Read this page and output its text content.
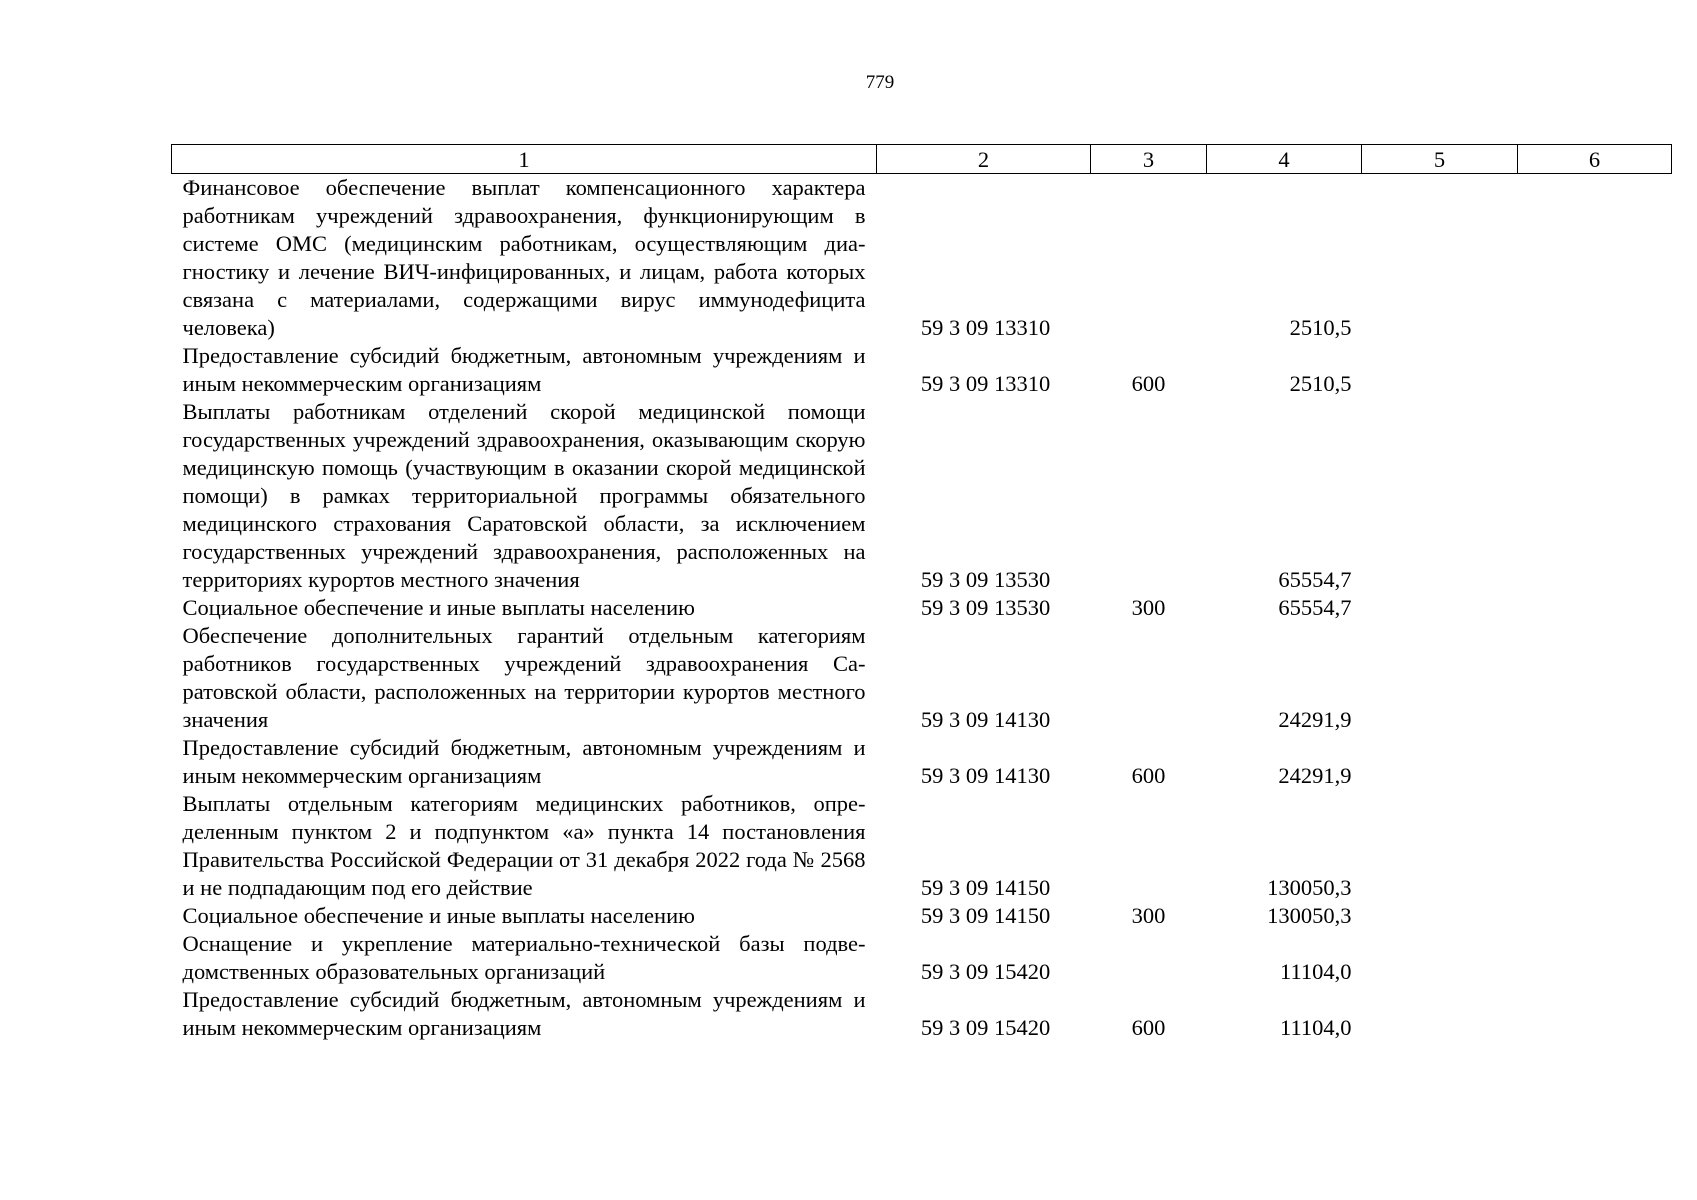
779
1	2	3	4	5	6
Финансовое обеспечение выплат компенсационного характера работникам учреждений здравоохранения, функционирующим в системе ОМС (медицинским работникам, осуществляющим диагностику и лечение ВИЧ-инфицированных, и лицам, работа которых связана с материалами, содержащими вирус иммунодефицита человека)	59 3 09 13310		2510,5		
Предоставление субсидий бюджетным, автономным учреждениям и иным некоммерческим организациям	59 3 09 13310	600	2510,5		
Выплаты работникам отделений скорой медицинской помощи государственных учреждений здравоохранения, оказывающим скорую медицинскую помощь (участвующим в оказании скорой медицинской помощи) в рамках территориальной программы обязательного медицинского страхования Саратовской области, за исключением государственных учреждений здравоохранения, расположенных на территориях курортов местного значения	59 3 09 13530		65554,7		
Социальное обеспечение и иные выплаты населению	59 3 09 13530	300	65554,7		
Обеспечение дополнительных гарантий отдельным категориям работников государственных учреждений здравоохранения Саратовской области, расположенных на территории курортов местного значения	59 3 09 14130		24291,9		
Предоставление субсидий бюджетным, автономным учреждениям и иным некоммерческим организациям	59 3 09 14130	600	24291,9		
Выплаты отдельным категориям медицинских работников, определенным пунктом 2 и подпунктом «а» пункта 14 постановления Правительства Российской Федерации от 31 декабря 2022 года № 2568 и не подпадающим под его действие	59 3 09 14150		130050,3		
Социальное обеспечение и иные выплаты населению	59 3 09 14150	300	130050,3		
Оснащение и укрепление материально-технической базы подведомственных образовательных организаций	59 3 09 15420		11104,0		
Предоставление субсидий бюджетным, автономным учреждениям и иным некоммерческим организациям	59 3 09 15420	600	11104,0		
